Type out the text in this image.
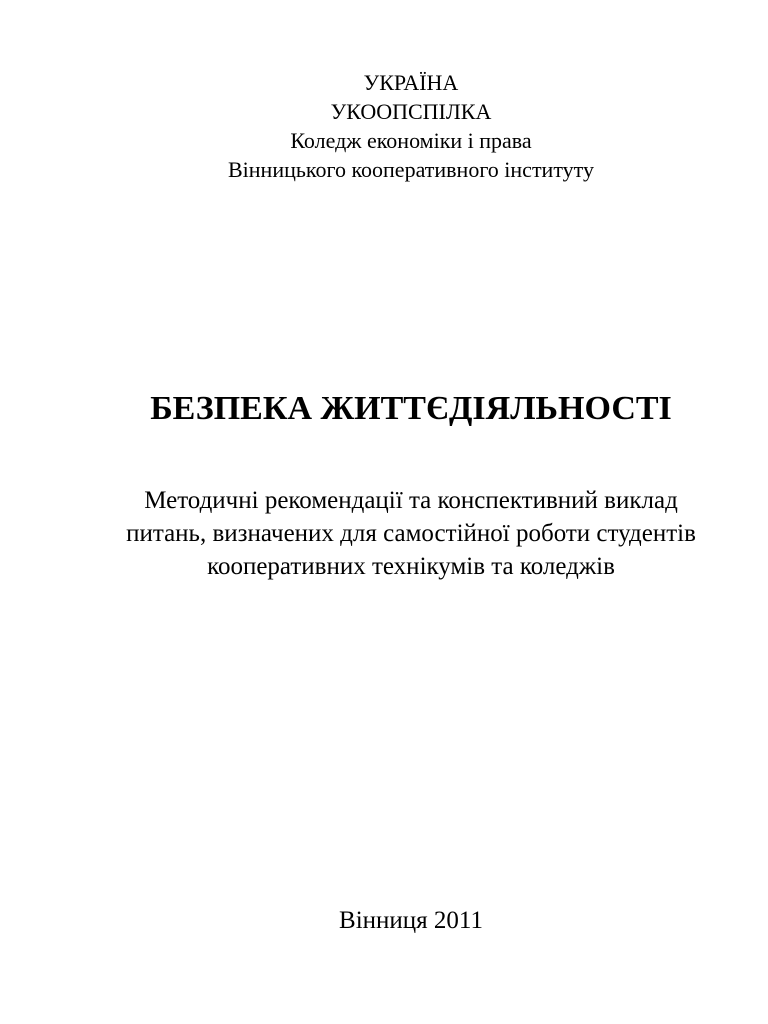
УКРАЇНА
УКООПСПІЛКА
Коледж економіки і права
Вінницького кооперативного інституту
БЕЗПЕКА ЖИТТЄДІЯЛЬНОСТІ
Методичні рекомендації та конспективний виклад
питань, визначених для самостійної роботи студентів
кооперативних технікумів та коледжів
Вінниця 2011
